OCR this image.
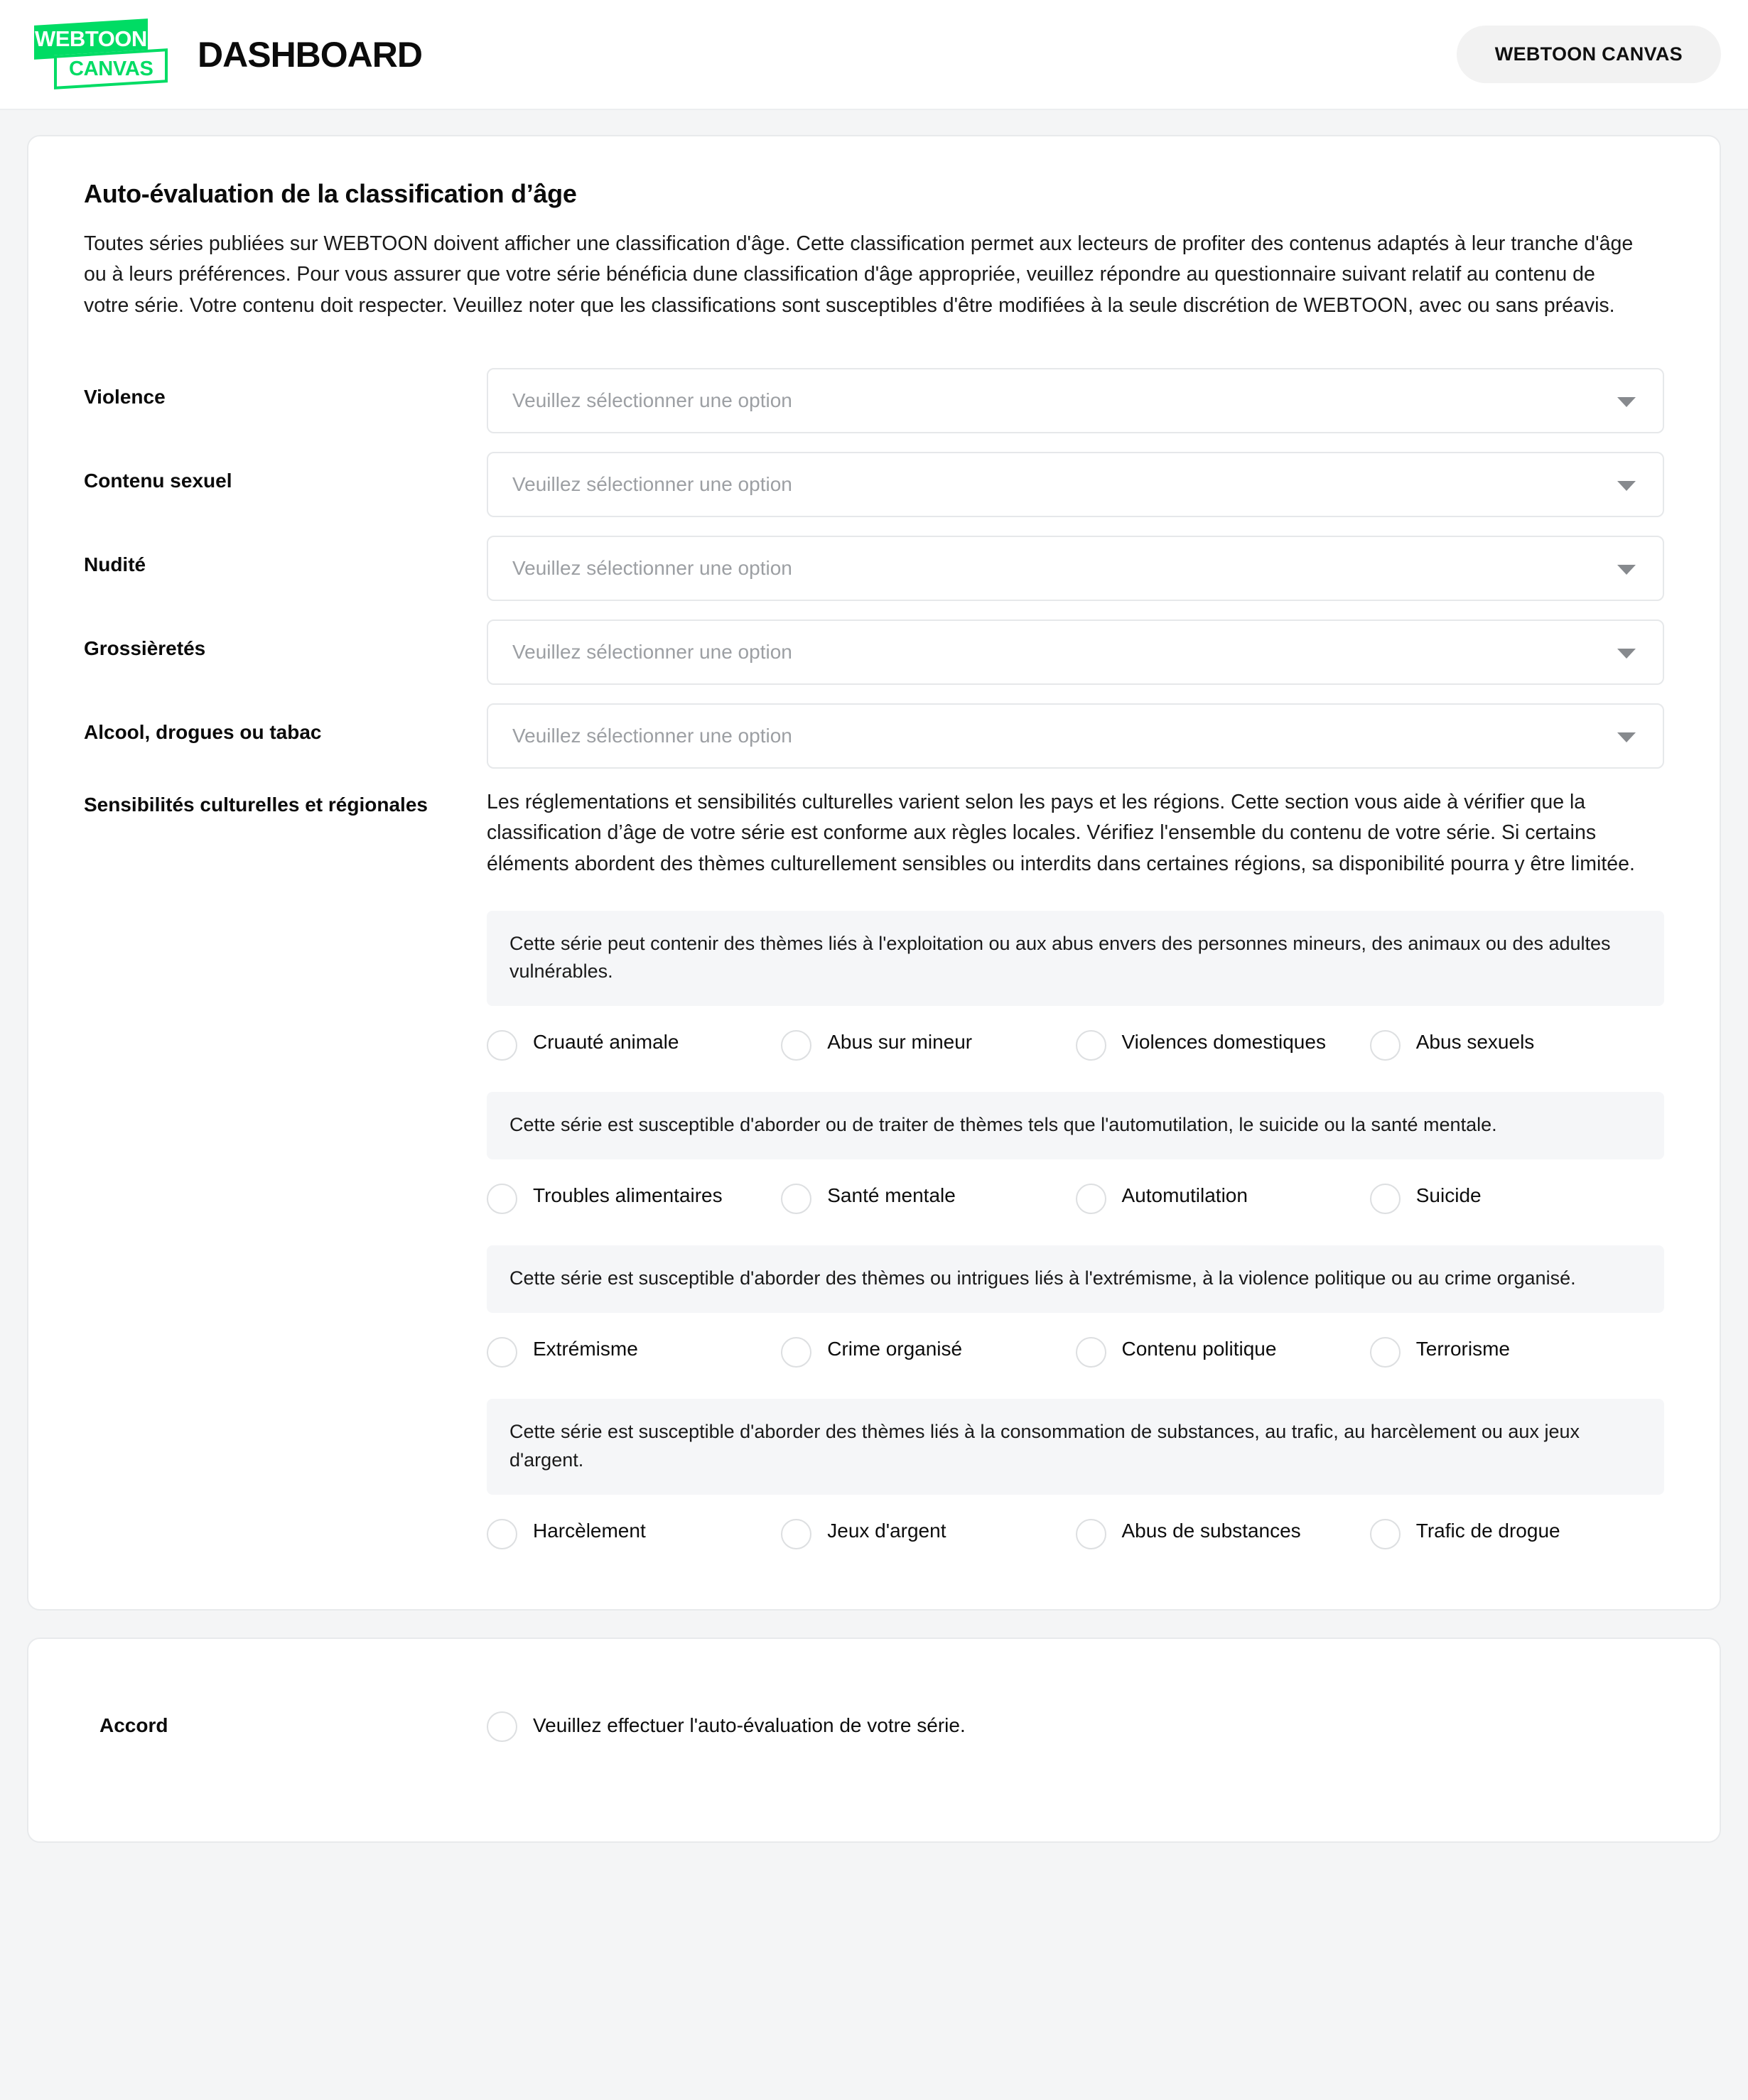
WEBTOON
CANVAS DASHBOARD	WEBTOON CANVAS
Auto-évaluation de la classification d’âge
Toutes séries publiées sur WEBTOON doivent afficher une classification d'âge. Cette classification permet aux lecteurs de profiter des contenus adaptés à leur tranche d'âge ou à leurs préférences. Pour vous assurer que votre série bénéficia dune classification d'âge appropriée, veuillez répondre au questionnaire suivant relatif au contenu de votre série. Votre contenu doit respecter. Veuillez noter que les classifications sont susceptibles d'être modifiées à la seule discrétion de WEBTOON, avec ou sans préavis.
Violence	Veuillez sélectionner une option
Contenu sexuel	Veuillez sélectionner une option
Nudité	Veuillez sélectionner une option
Grossièretés	Veuillez sélectionner une option
Alcool, drogues ou tabac	Veuillez sélectionner une option
Sensibilités culturelles et régionales	Les réglementations et sensibilités culturelles varient selon les pays et les régions. Cette section vous aide à vérifier que la classification d’âge de votre série est conforme aux règles locales. Vérifiez l'ensemble du contenu de votre série. Si certains éléments abordent des thèmes culturellement sensibles ou interdits dans certaines régions, sa disponibilité pourra y être limitée.
Cette série peut contenir des thèmes liés à l'exploitation ou aux abus envers des personnes mineurs, des animaux ou des adultes vulnérables.
Cruauté animale	Abus sur mineur	Violences domestiques	Abus sexuels
Cette série est susceptible d'aborder ou de traiter de thèmes tels que l'automutilation, le suicide ou la santé mentale.
Troubles alimentaires	Santé mentale	Automutilation	Suicide
Cette série est susceptible d'aborder des thèmes ou intrigues liés à l'extrémisme, à la violence politique ou au crime organisé.
Extrémisme	Crime organisé	Contenu politique	Terrorisme
Cette série est susceptible d'aborder des thèmes liés à la consommation de substances, au trafic, au harcèlement ou aux jeux d'argent.
Harcèlement	Jeux d'argent	Abus de substances	Trafic de drogue
Accord	Veuillez effectuer l'auto-évaluation de votre série.
